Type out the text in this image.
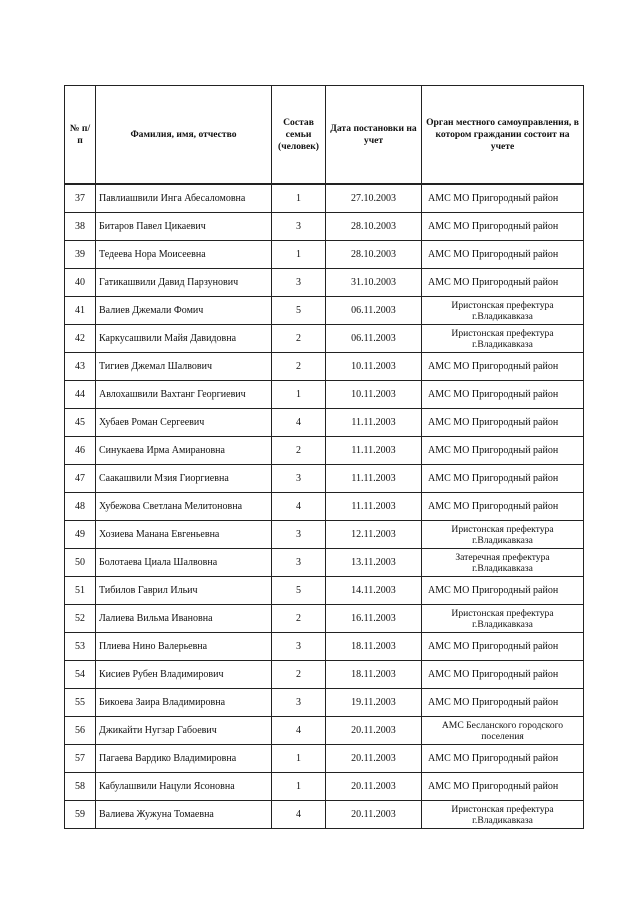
№ п/п	Фамилия, имя, отчество	Состав семьи (человек)	Дата постановки на учет	Орган местного самоуправления, в котором граждании состоит на учете

37	Павлиашвили Инга Абесаломовна	1	27.10.2003	АМС МО Пригородный район
38	Битаров Павел Цикаевич	3	28.10.2003	АМС МО Пригородный район
39	Тедеева Нора Моисеевна	1	28.10.2003	АМС МО Пригородный район
40	Гатикашвили Давид Парзунович	3	31.10.2003	АМС МО Пригородный район
41	Валиев Джемали Фомич	5	06.11.2003	Иристонская префектура г.Владикавказа
42	Каркусашвили Майя Давидовна	2	06.11.2003	Иристонская префектура г.Владикавказа
43	Тигиев Джемал Шалвович	2	10.11.2003	АМС МО Пригородный район
44	Авлохашвили Вахтанг Георгиевич	1	10.11.2003	АМС МО Пригородный район
45	Хубаев Роман Сергеевич	4	11.11.2003	АМС МО Пригородный район
46	Синукаева Ирма Амирановна	2	11.11.2003	АМС МО Пригородный район
47	Саакашвили Мзия Гиоргиевна	3	11.11.2003	АМС МО Пригородный район
48	Хубежова Светлана Мелитоновна	4	11.11.2003	АМС МО Пригородный район
49	Хозиева Манана Евгеньевна	3	12.11.2003	Иристонская префектура г.Владикавказа
50	Болотаева Циала Шалвовна	3	13.11.2003	Затеречная префектура г.Владикавказа
51	Тибилов Гаврил Ильич	5	14.11.2003	АМС МО Пригородный район
52	Лалиева Вильма Ивановна	2	16.11.2003	Иристонская префектура г.Владикавказа
53	Плиева Нино Валерьевна	3	18.11.2003	АМС МО Пригородный район
54	Кисиев Рубен Владимирович	2	18.11.2003	АМС МО Пригородный район
55	Бикоева Заира Владимировна	3	19.11.2003	АМС МО Пригородный район
56	Джикайти Нугзар Габоевич	4	20.11.2003	АМС Бесланского городского поселения
57	Пагаева Вардико Владимировна	1	20.11.2003	АМС МО Пригородный район
58	Кабулашвили Нацули Ясоновна	1	20.11.2003	АМС МО Пригородный район
59	Валиева Жужуна Томаевна	4	20.11.2003	Иристонская префектура г.Владикавказа
